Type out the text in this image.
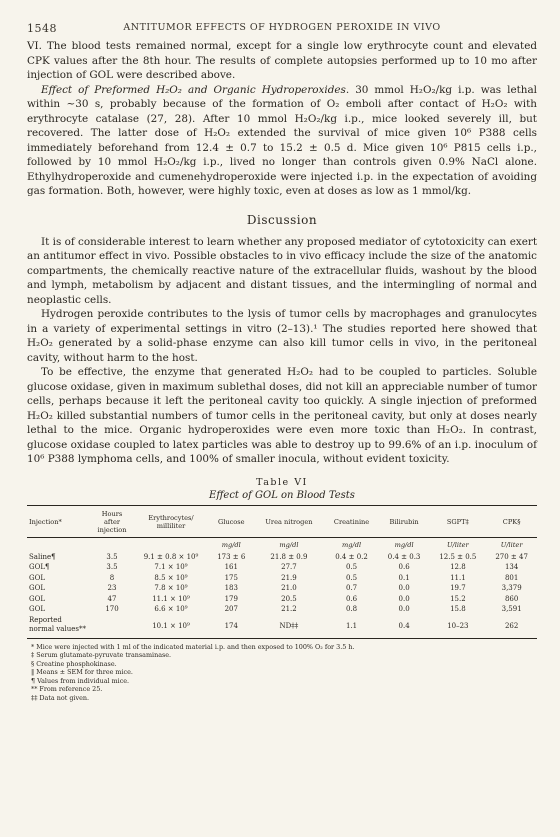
1548	ANTITUMOR EFFECTS OF HYDROGEN PEROXIDE IN VIVO

VI. The blood tests remained normal, except for a single low erythrocyte count and elevated CPK values after the 8th hour. The results of complete autopsies performed up to 10 mo after injection of GOL were described above.

Effect of Preformed H₂O₂ and Organic Hydroperoxides. 30 mmol H₂O₂/kg i.p. was lethal within ~30 s, probably because of the formation of O₂ emboli after contact of H₂O₂ with erythrocyte catalase (27, 28). After 10 mmol H₂O₂/kg i.p., mice looked severely ill, but recovered. The latter dose of H₂O₂ extended the survival of mice given 10⁶ P388 cells immediately beforehand from 12.4 ± 0.7 to 15.2 ± 0.5 d. Mice given 10⁶ P815 cells i.p., followed by 10 mmol H₂O₂/kg i.p., lived no longer than controls given 0.9% NaCl alone. Ethylhydroperoxide and cumenehydroperoxide were injected i.p. in the expectation of avoiding gas formation. Both, however, were highly toxic, even at doses as low as 1 mmol/kg.

Discussion

It is of considerable interest to learn whether any proposed mediator of cytotoxicity can exert an antitumor effect in vivo. Possible obstacles to in vivo efficacy include the size of the anatomic compartments, the chemically reactive nature of the extracellular fluids, washout by the blood and lymph, metabolism by adjacent and distant tissues, and the intermingling of normal and neoplastic cells.

Hydrogen peroxide contributes to the lysis of tumor cells by macrophages and granulocytes in a variety of experimental settings in vitro (2–13).¹ The studies reported here showed that H₂O₂ generated by a solid-phase enzyme can also kill tumor cells in vivo, in the peritoneal cavity, without harm to the host.

To be effective, the enzyme that generated H₂O₂ had to be coupled to particles. Soluble glucose oxidase, given in maximum sublethal doses, did not kill an appreciable number of tumor cells, perhaps because it left the peritoneal cavity too quickly. A single injection of preformed H₂O₂ killed substantial numbers of tumor cells in the peritoneal cavity, but only at doses nearly lethal to the mice. Organic hydroperoxides were even more toxic than H₂O₂. In contrast, glucose oxidase coupled to latex particles was able to destroy up to 99.6% of an i.p. inoculum of 10⁶ P388 lymphoma cells, and 100% of smaller inocula, without evident toxicity.

Table VI
Effect of GOL on Blood Tests
Injection*	Hours after injection	Erythrocytes/ milliliter	Glucose	Urea nitrogen	Creatinine	Bilirubin	SGPT‡	CPK§
			mg/dl	mg/dl	mg/dl	mg/dl	U/liter	U/liter
Saline¶	3.5	9.1 ± 0.8 × 10⁹	173 ± 6	21.8 ± 0.9	0.4 ± 0.2	0.4 ± 0.3	12.5 ± 0.5	270 ± 47
GOL¶	3.5	7.1 × 10⁹	161	27.7	0.5	0.6	12.8	134
GOL	8	8.5 × 10⁹	175	21.9	0.5	0.1	11.1	801
GOL	23	7.8 × 10⁹	183	21.0	0.7	0.0	19.7	3,379
GOL	47	11.1 × 10⁹	179	20.5	0.6	0.0	15.2	860
GOL	170	6.6 × 10⁹	207	21.2	0.8	0.0	15.8	3,591
Reported normal values**		10.1 × 10⁹	174	ND‡‡	1.1	0.4	10–23	262
* Mice were injected with 1 ml of the indicated material i.p. and then exposed to 100% O₂ for 3.5 h.
‡ Serum glutamate-pyruvate transaminase.
§ Creatine phosphokinase.
‖ Means ± SEM for three mice.
¶ Values from individual mice.
** From reference 25.
‡‡ Data not given.
